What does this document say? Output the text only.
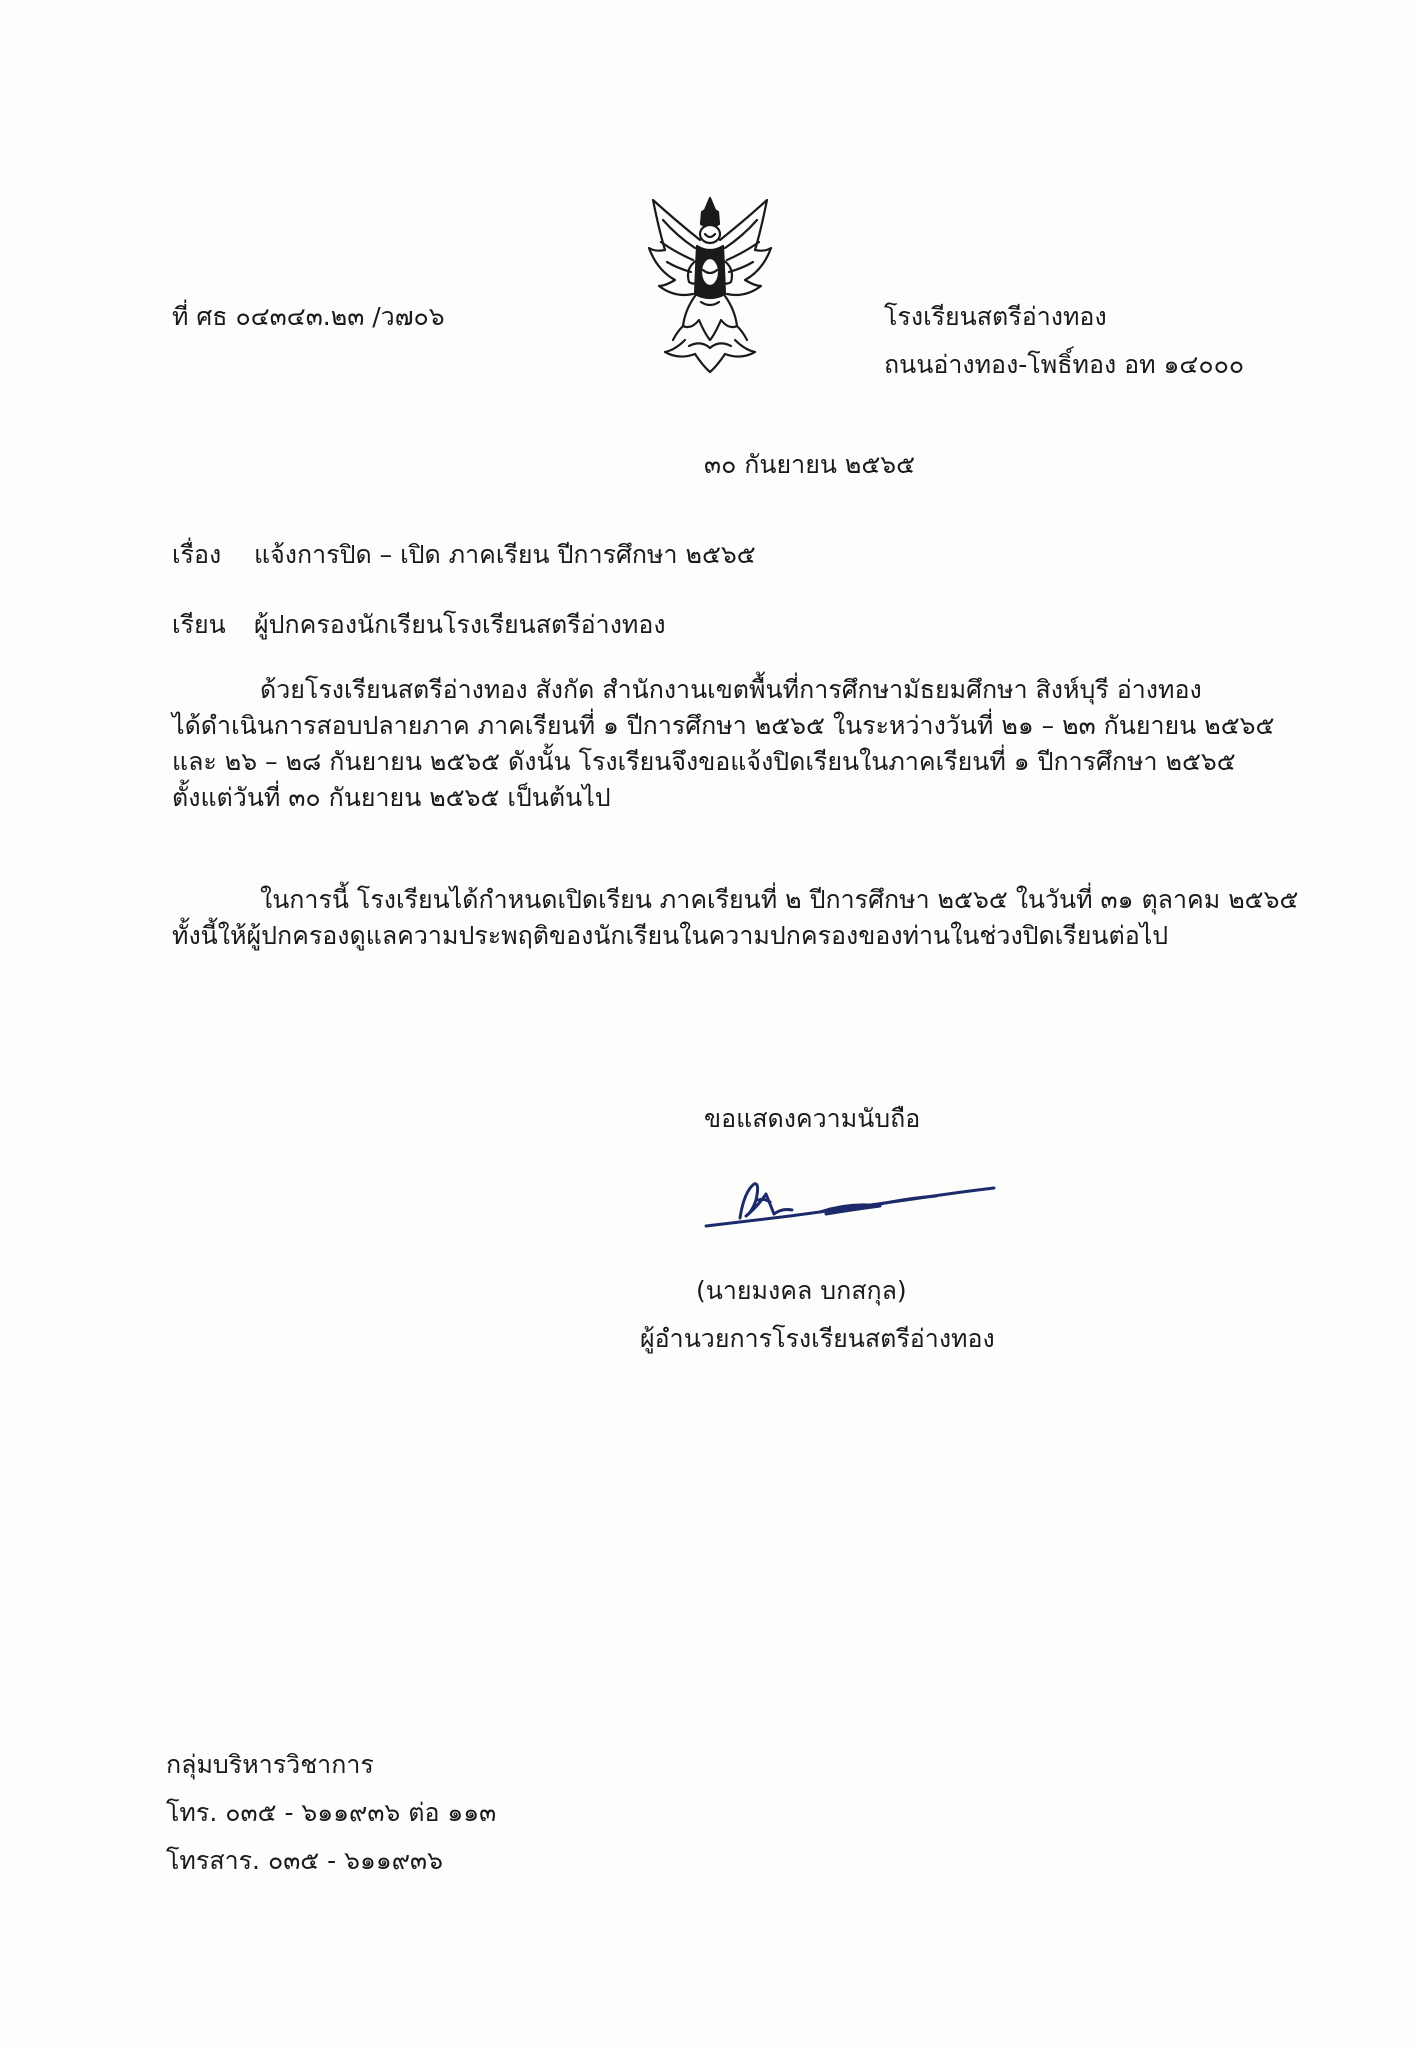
ที่ ศธ ๐๔๓๔๓.๒๓ /ว๗๐๖	โรงเรียนสตรีอ่างทอง
ถนนอ่างทอง-โพธิ์ทอง อท ๑๔๐๐๐
๓๐ กันยายน ๒๕๖๕
เรื่อง แจ้งการปิด – เปิด ภาคเรียน ปีการศึกษา ๒๕๖๕
เรียน ผู้ปกครองนักเรียนโรงเรียนสตรีอ่างทอง
ด้วยโรงเรียนสตรีอ่างทอง สังกัด สำนักงานเขตพื้นที่การศึกษามัธยมศึกษา สิงห์บุรี อ่างทอง
ได้ดำเนินการสอบปลายภาค ภาคเรียนที่ ๑ ปีการศึกษา ๒๕๖๕ ในระหว่างวันที่ ๒๑ – ๒๓ กันยายน ๒๕๖๕
และ ๒๖ – ๒๘ กันยายน ๒๕๖๕ ดังนั้น โรงเรียนจึงขอแจ้งปิดเรียนในภาคเรียนที่ ๑ ปีการศึกษา ๒๕๖๕
ตั้งแต่วันที่ ๓๐ กันยายน ๒๕๖๕ เป็นต้นไป
ในการนี้ โรงเรียนได้กำหนดเปิดเรียน ภาคเรียนที่ ๒ ปีการศึกษา ๒๕๖๕ ในวันที่ ๓๑ ตุลาคม ๒๕๖๕
ทั้งนี้ให้ผู้ปกครองดูแลความประพฤติของนักเรียนในความปกครองของท่านในช่วงปิดเรียนต่อไป
ขอแสดงความนับถือ
(นายมงคล บกสกุล)
ผู้อำนวยการโรงเรียนสตรีอ่างทอง
กลุ่มบริหารวิชาการ
โทร. ๐๓๕ - ๖๑๑๙๓๖ ต่อ ๑๑๓
โทรสาร. ๐๓๕ - ๖๑๑๙๓๖
